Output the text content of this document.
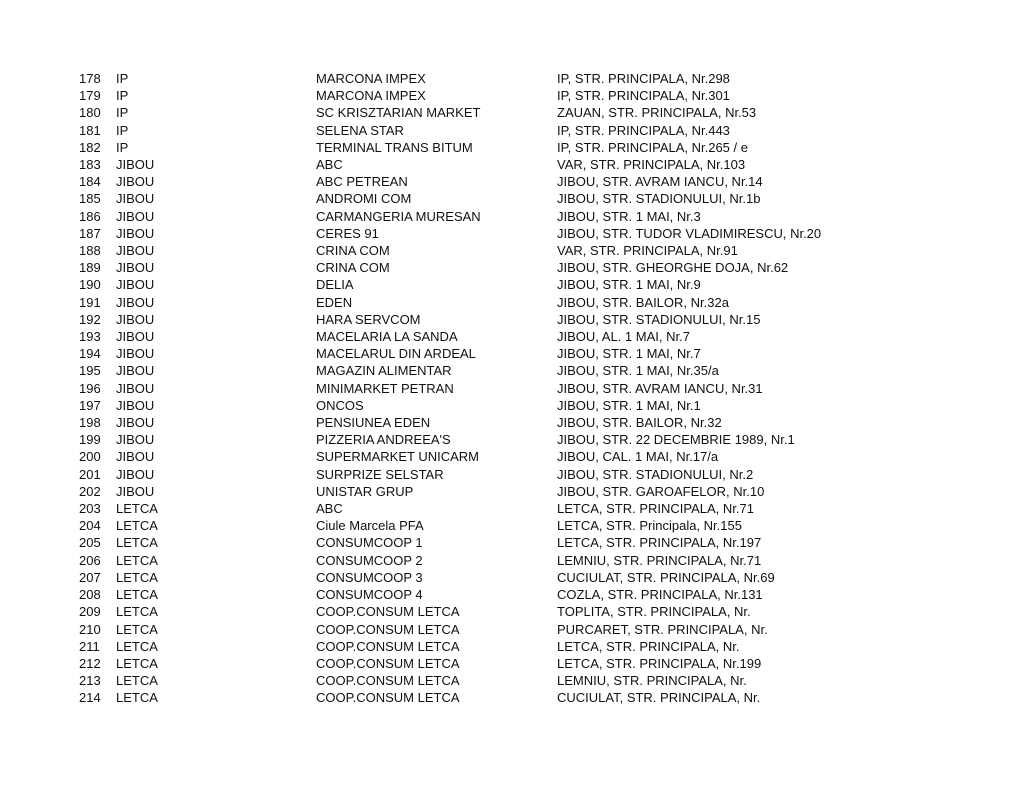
178	IP	MARCONA IMPEX	IP, STR. PRINCIPALA, Nr.298
179	IP	MARCONA IMPEX	IP, STR. PRINCIPALA, Nr.301
180	IP	SC KRISZTARIAN MARKET	ZAUAN, STR. PRINCIPALA, Nr.53
181	IP	SELENA STAR	IP, STR. PRINCIPALA, Nr.443
182	IP	TERMINAL TRANS BITUM	IP, STR. PRINCIPALA, Nr.265 / e
183	JIBOU	ABC	VAR, STR. PRINCIPALA, Nr.103
184	JIBOU	ABC PETREAN	JIBOU, STR. AVRAM IANCU, Nr.14
185	JIBOU	ANDROMI COM	JIBOU, STR. STADIONULUI, Nr.1b
186	JIBOU	CARMANGERIA MURESAN	JIBOU, STR. 1 MAI, Nr.3
187	JIBOU	CERES 91	JIBOU, STR. TUDOR VLADIMIRESCU, Nr.20
188	JIBOU	CRINA COM	VAR, STR. PRINCIPALA, Nr.91
189	JIBOU	CRINA COM	JIBOU, STR. GHEORGHE DOJA, Nr.62
190	JIBOU	DELIA	JIBOU, STR. 1 MAI, Nr.9
191	JIBOU	EDEN	JIBOU, STR. BAILOR, Nr.32a
192	JIBOU	HARA SERVCOM	JIBOU, STR. STADIONULUI, Nr.15
193	JIBOU	MACELARIA LA SANDA	JIBOU, AL. 1 MAI, Nr.7
194	JIBOU	MACELARUL DIN ARDEAL	JIBOU, STR. 1 MAI, Nr.7
195	JIBOU	MAGAZIN ALIMENTAR	JIBOU, STR. 1 MAI, Nr.35/a
196	JIBOU	MINIMARKET PETRAN	JIBOU, STR. AVRAM IANCU, Nr.31
197	JIBOU	ONCOS	JIBOU, STR. 1 MAI, Nr.1
198	JIBOU	PENSIUNEA EDEN	JIBOU, STR. BAILOR, Nr.32
199	JIBOU	PIZZERIA ANDREEA'S	JIBOU, STR. 22 DECEMBRIE 1989, Nr.1
200	JIBOU	SUPERMARKET UNICARM	JIBOU, CAL. 1 MAI, Nr.17/a
201	JIBOU	SURPRIZE SELSTAR	JIBOU, STR. STADIONULUI, Nr.2
202	JIBOU	UNISTAR GRUP	JIBOU, STR. GAROAFELOR, Nr.10
203	LETCA	ABC	LETCA, STR. PRINCIPALA, Nr.71
204	LETCA	Ciule Marcela PFA	LETCA, STR. Principala, Nr.155
205	LETCA	CONSUMCOOP 1	LETCA, STR. PRINCIPALA, Nr.197
206	LETCA	CONSUMCOOP 2	LEMNIU, STR. PRINCIPALA, Nr.71
207	LETCA	CONSUMCOOP 3	CUCIULAT, STR. PRINCIPALA, Nr.69
208	LETCA	CONSUMCOOP 4	COZLA, STR. PRINCIPALA, Nr.131
209	LETCA	COOP.CONSUM LETCA	TOPLITA, STR. PRINCIPALA, Nr.
210	LETCA	COOP.CONSUM LETCA	PURCARET, STR. PRINCIPALA, Nr.
211	LETCA	COOP.CONSUM LETCA	LETCA, STR. PRINCIPALA, Nr.
212	LETCA	COOP.CONSUM LETCA	LETCA, STR. PRINCIPALA, Nr.199
213	LETCA	COOP.CONSUM LETCA	LEMNIU, STR. PRINCIPALA, Nr.
214	LETCA	COOP.CONSUM LETCA	CUCIULAT, STR. PRINCIPALA, Nr.
